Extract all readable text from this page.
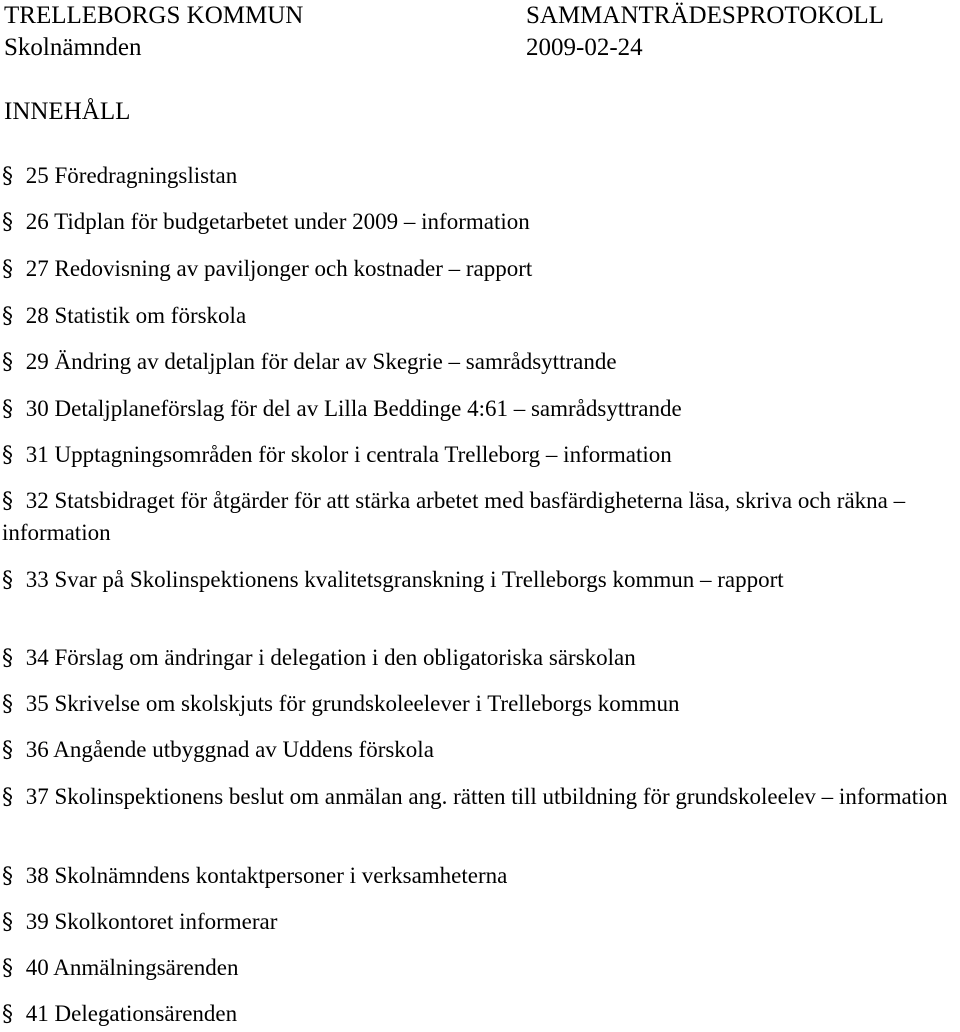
TRELLEBORGS KOMMUN	SAMMANTRÄDESPROTOKOLL
Skolnämnden	2009-02-24
INNEHÅLL
§ 25 Föredragningslistan
§ 26 Tidplan för budgetarbetet under 2009 – information
§ 27 Redovisning av paviljonger och kostnader – rapport
§ 28 Statistik om förskola
§ 29 Ändring av detaljplan för delar av Skegrie – samrådsyttrande
§ 30 Detaljplaneförslag för del av Lilla Beddinge 4:61 – samrådsyttrande
§ 31 Upptagningsområden för skolor i centrala Trelleborg – information
§ 32 Statsbidraget för åtgärder för att stärka arbetet med basfärdigheterna läsa, skriva och räkna – information
§ 33 Svar på Skolinspektionens kvalitetsgranskning i Trelleborgs kommun – rapport
§ 34 Förslag om ändringar i delegation i den obligatoriska särskolan
§ 35 Skrivelse om skolskjuts för grundskoleelever i Trelleborgs kommun
§ 36 Angående utbyggnad av Uddens förskola
§ 37 Skolinspektionens beslut om anmälan ang. rätten till utbildning för grundskoleelev – information
§ 38 Skolnämndens kontaktpersoner i verksamheterna
§ 39 Skolkontoret informerar
§ 40 Anmälningsärenden
§ 41 Delegationsärenden
